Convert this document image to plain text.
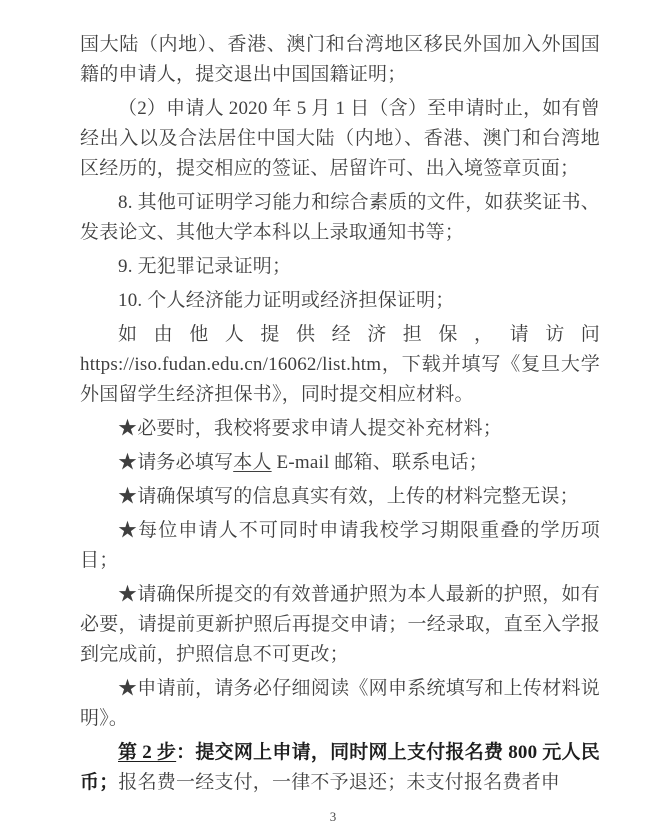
国大陆（内地）、香港、澳门和台湾地区移民外国加入外国国籍的申请人，提交退出中国国籍证明；

（2）申请人 2020 年 5 月 1 日（含）至申请时止，如有曾经出入以及合法居住中国大陆（内地）、香港、澳门和台湾地区经历的，提交相应的签证、居留许可、出入境签章页面；

8. 其他可证明学习能力和综合素质的文件，如获奖证书、发表论文、其他大学本科以上录取通知书等；

9. 无犯罪记录证明；

10. 个人经济能力证明或经济担保证明；

如由他人提供经济担保，请访问https://iso.fudan.edu.cn/16062/list.htm，下载并填写《复旦大学外国留学生经济担保书》，同时提交相应材料。

★必要时，我校将要求申请人提交补充材料；

★请务必填写本人 E-mail 邮箱、联系电话；

★请确保填写的信息真实有效，上传的材料完整无误；

★每位申请人不可同时申请我校学习期限重叠的学历项目；

★请确保所提交的有效普通护照为本人最新的护照，如有必要，请提前更新护照后再提交申请；一经录取，直至入学报到完成前，护照信息不可更改；

★申请前，请务必仔细阅读《网申系统填写和上传材料说明》。

第 2 步：提交网上申请，同时网上支付报名费 800 元人民币；报名费一经支付，一律不予退还；未支付报名费者申

3
